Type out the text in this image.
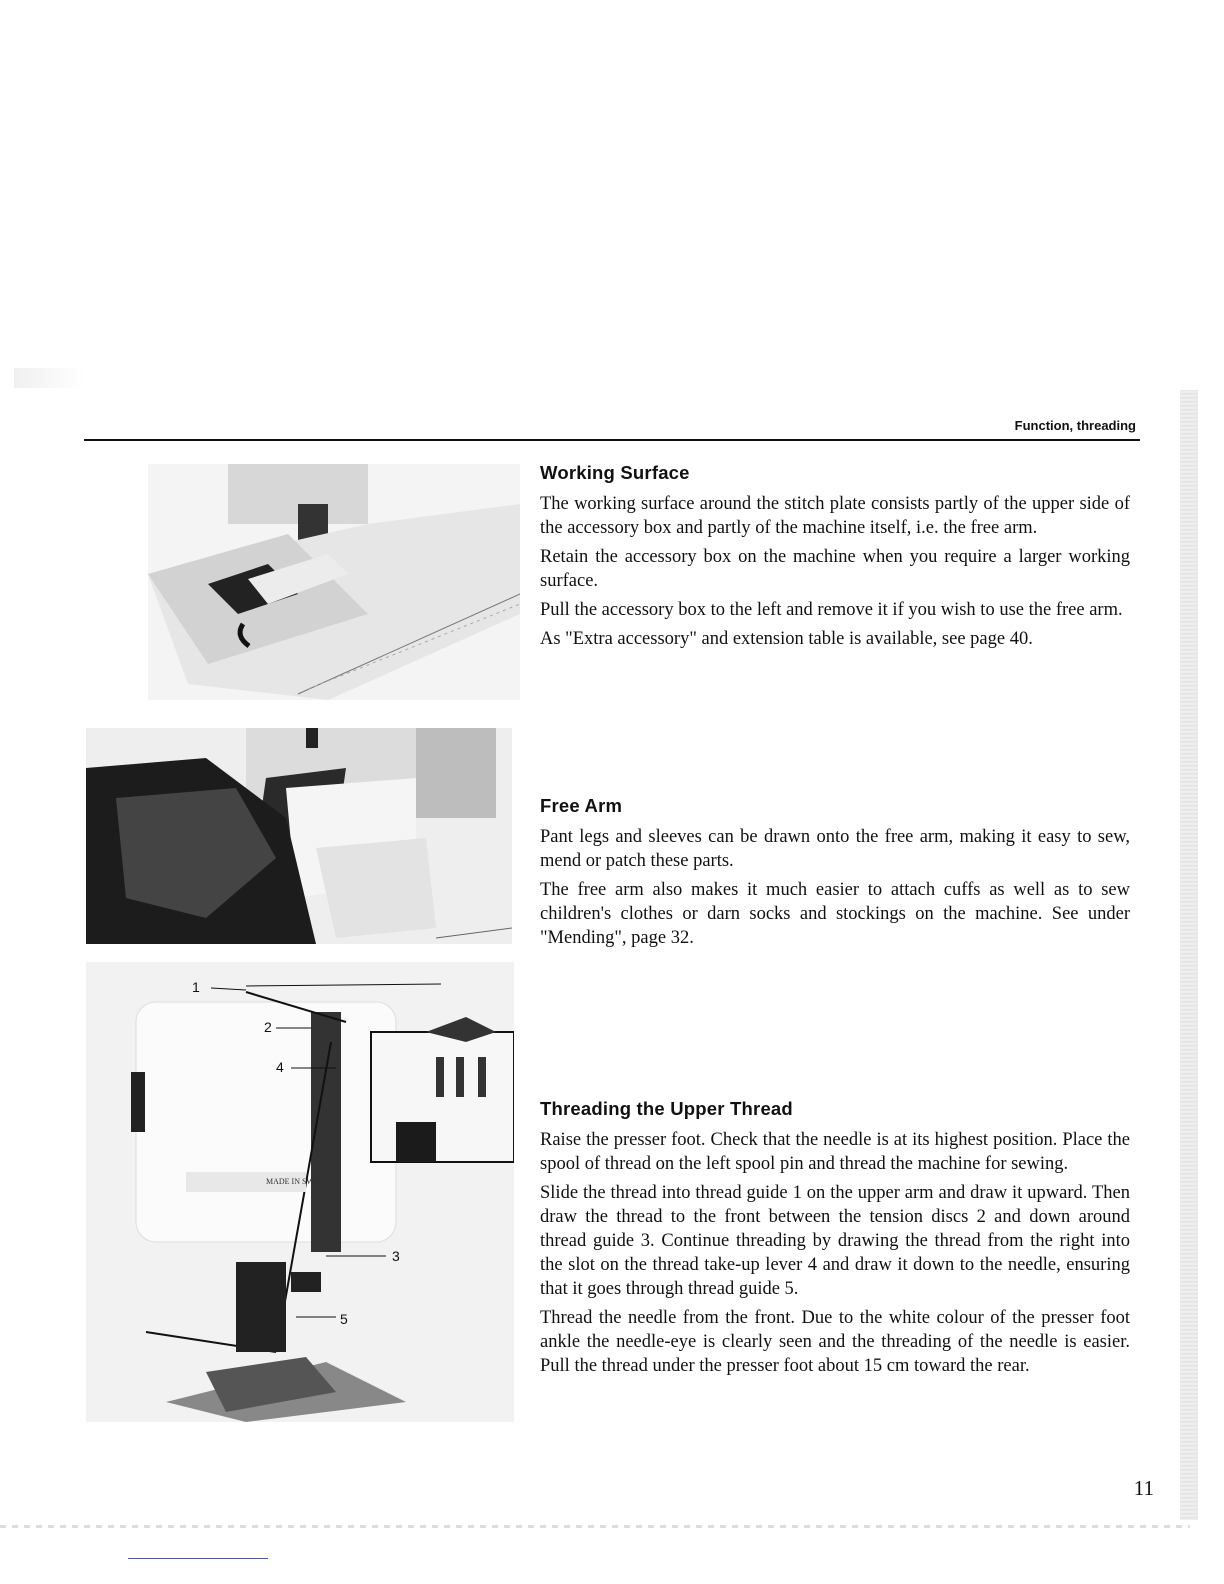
Function, threading
MADE IN SWEDEN
1
2
4
3
5
Working Surface

The working surface around the stitch plate consists partly of the upper side of the accessory box and partly of the machine itself, i.e. the free arm.

Retain the accessory box on the machine when you require a larger working surface.

Pull the accessory box to the left and remove it if you wish to use the free arm.

As "Extra accessory" and extension table is available, see page 40.

Free Arm

Pant legs and sleeves can be drawn onto the free arm, making it easy to sew, mend or patch these parts.

The free arm also makes it much easier to attach cuffs as well as to sew children's clothes or darn socks and stockings on the machine. See under "Mending", page 32.

Threading the Upper Thread

Raise the presser foot. Check that the needle is at its highest position. Place the spool of thread on the left spool pin and thread the machine for sewing.

Slide the thread into thread guide 1 on the upper arm and draw it upward. Then draw the thread to the front between the tension discs 2 and down around thread guide 3. Continue threading by drawing the thread from the right into the slot on the thread take-up lever 4 and draw it down to the needle, ensuring that it goes through thread guide 5.

Thread the needle from the front. Due to the white colour of the presser foot ankle the needle-eye is clearly seen and the threading of the needle is easier. Pull the thread under the presser foot about 15 cm toward the rear.

11
